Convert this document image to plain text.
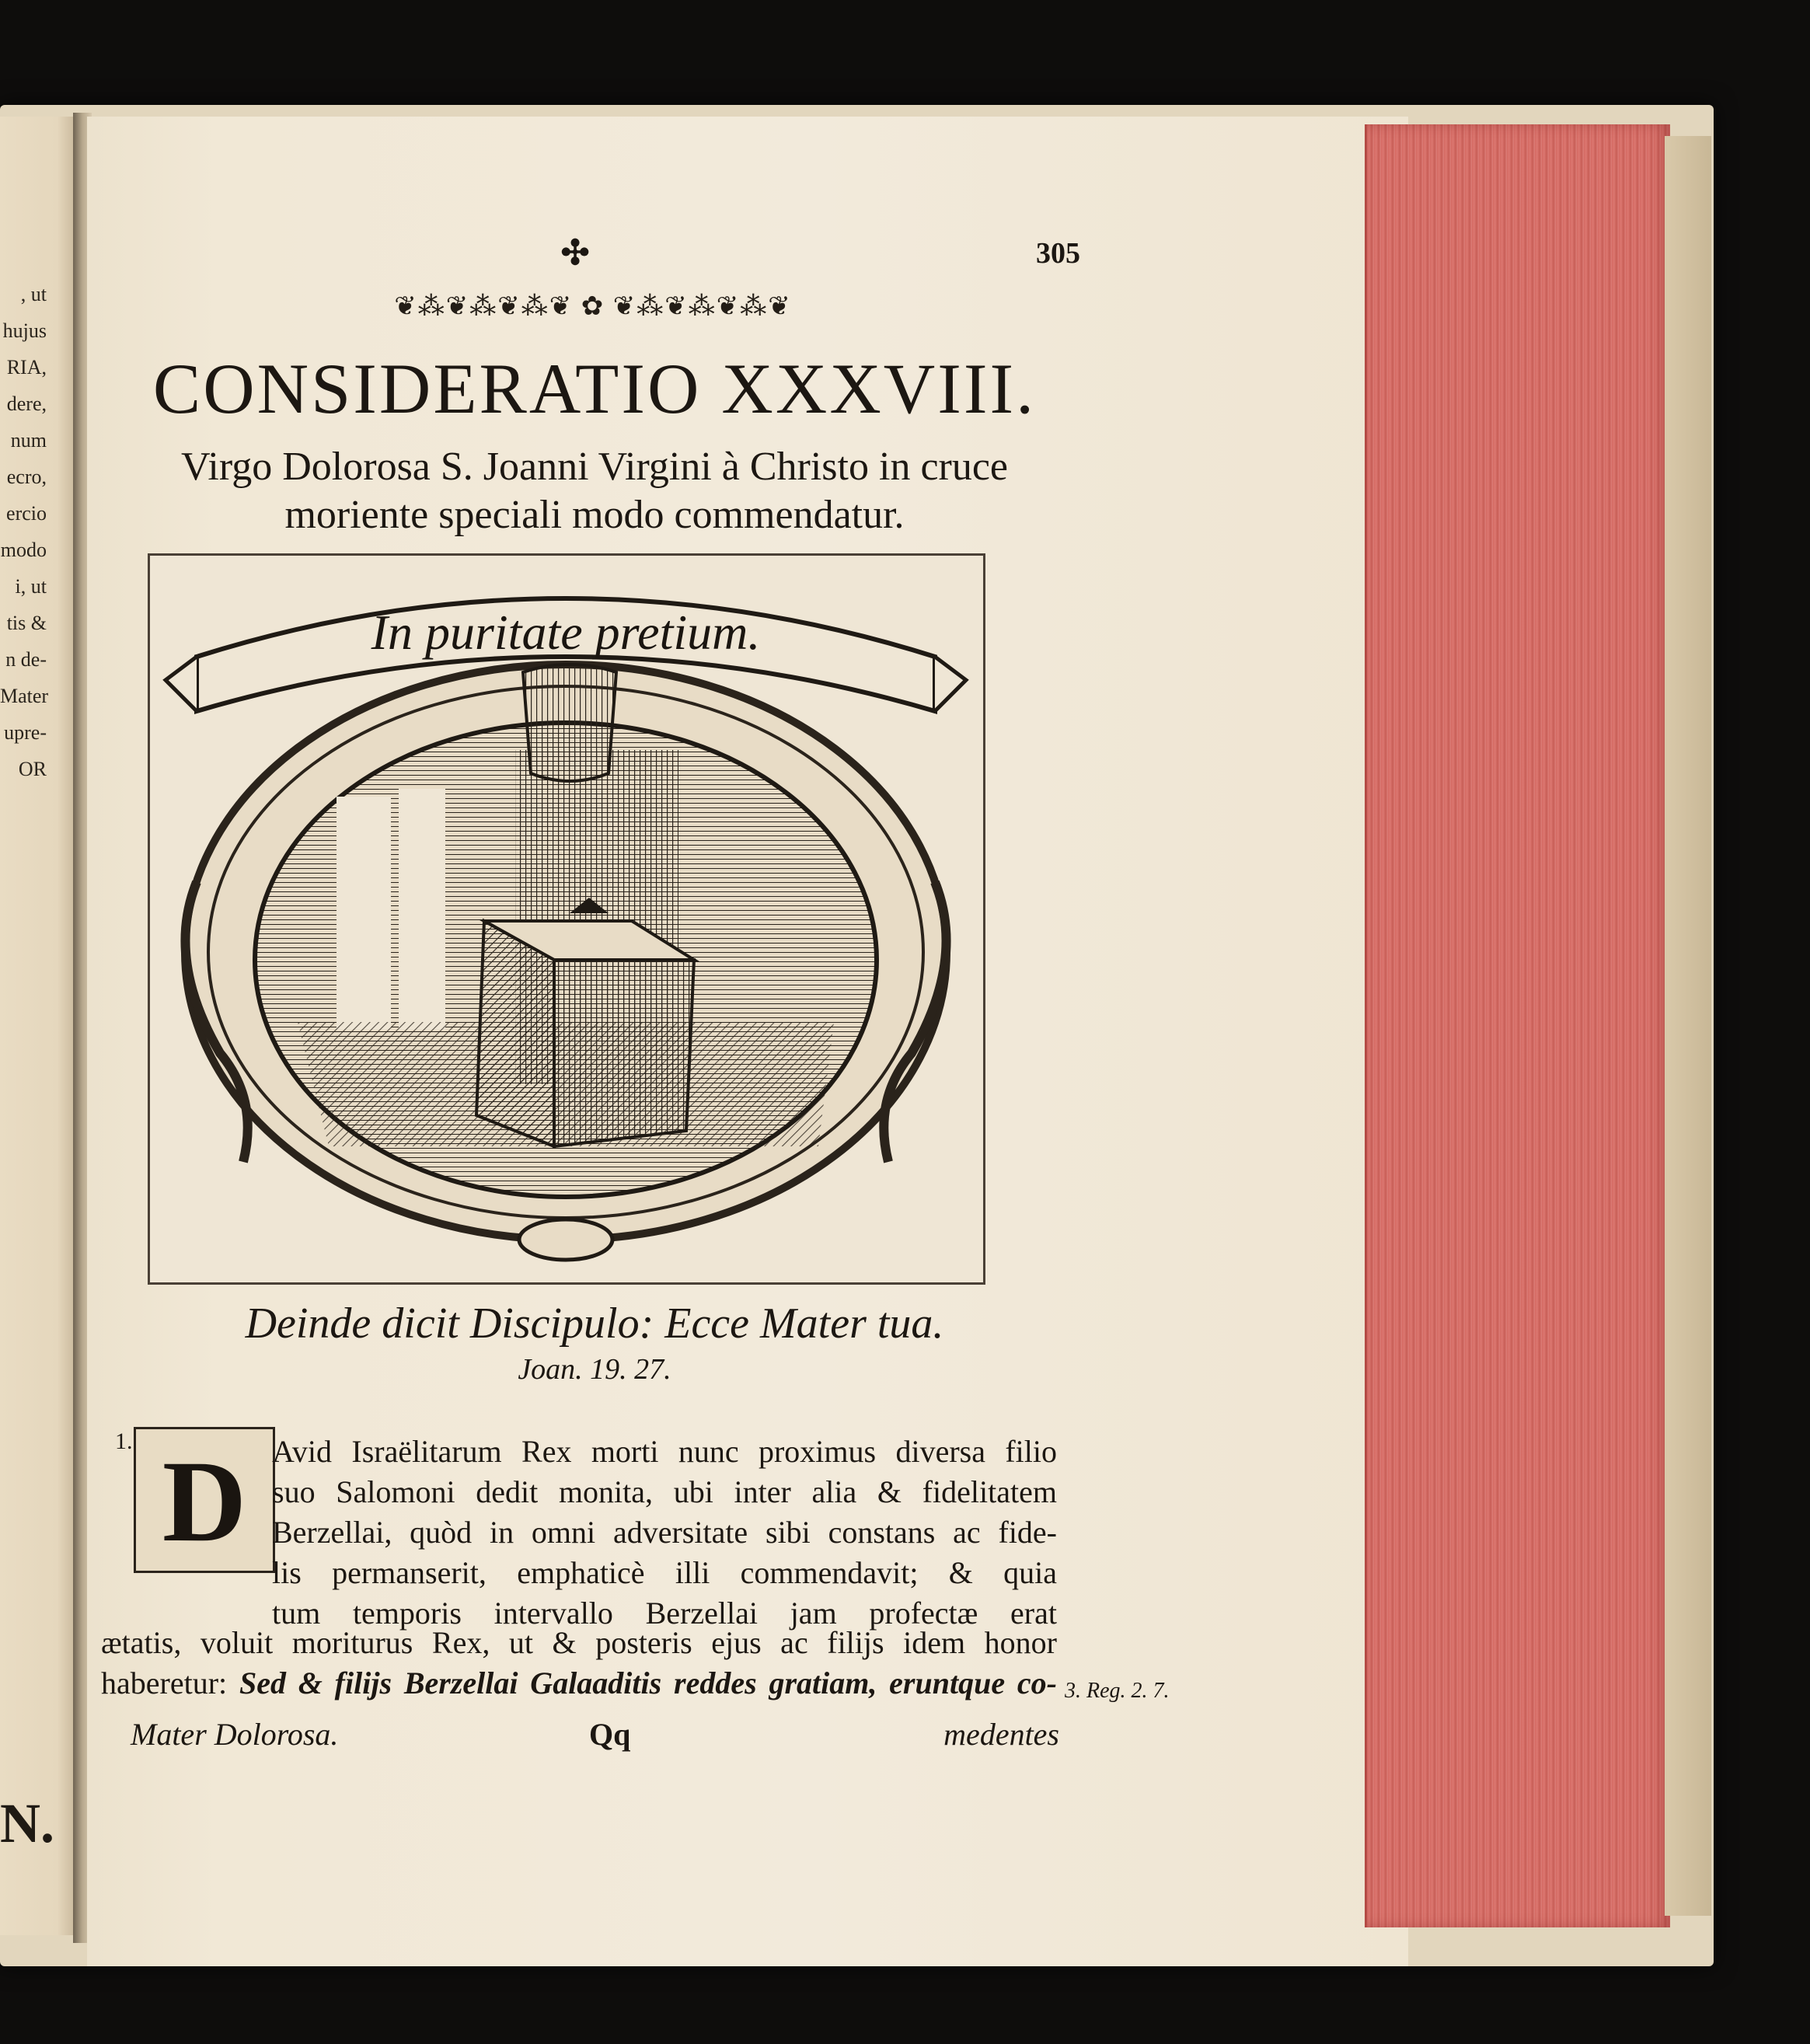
, ut
hujus
RIA,
dere,
num
ecro,
ercio
modo
i, ut
tis &
n de-
Mater
upre-
OR
N.

✣	305
❦⁂❦⁂❦⁂❦ ✿ ❦⁂❦⁂❦⁂❦
CONSIDERATIO XXXVIII.
Virgo Dolorosa S. Joanni Virgini à Christo in cruce
moriente speciali modo commendatur.
In puritate pretium.
Deinde dicit Discipulo: Ecce Mater tua.
Joan. 19. 27.
1. D Avid Israëlitarum Rex morti nunc proximus diversa filio
suo Salomoni dedit monita, ubi inter alia & fidelitatem
Berzellai, quòd in omni adversitate sibi constans ac fide-
lis permanserit, emphaticè illi commendavit; & quia
tum temporis intervallo Berzellai jam profectæ erat
ætatis, voluit moriturus Rex, ut & posteris ejus ac filijs idem honor
haberetur: Sed & filijs Berzellai Galaaditis reddes gratiam, eruntque co- 3. Reg. 2. 7.
Mater Dolorosa.	Qq	medentes
